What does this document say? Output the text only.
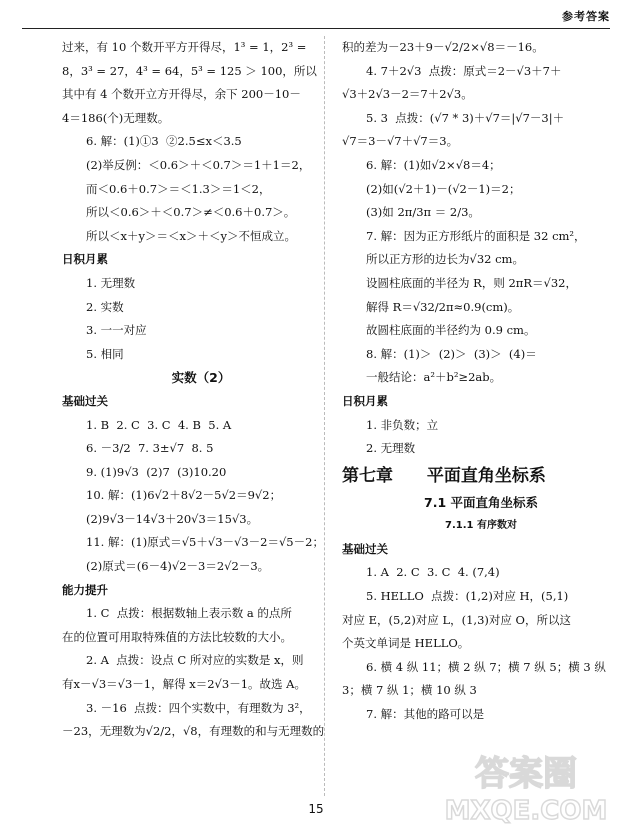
参考答案

过来，有 10 个数开平方开得尽，1³ = 1，2³ =

8，3³ = 27，4³ = 64，5³ = 125 ＞ 100，所以

其中有 4 个数开立方开得尽，余下 200－10－

4＝186(个)无理数。

6. 解：(1)①3  ②2.5≤x＜3.5

(2)举反例：＜0.6＞＋＜0.7＞＝1＋1＝2，

而＜0.6＋0.7＞＝＜1.3＞＝1＜2，

所以＜0.6＞＋＜0.7＞≠＜0.6＋0.7＞。

所以＜x＋y＞＝＜x＞＋＜y＞不恒成立。

日积月累

1. 无理数

2. 实数

3. 一一对应

5. 相同

实数（2）

基础过关

1. B  2. C  3. C  4. B  5. A

6. －3/2  7. 3±√7  8. 5

9. (1)9√3  (2)7  (3)10.20

10. 解：(1)6√2＋8√2－5√2＝9√2；

(2)9√3－14√3＋20√3＝15√3。

11. 解：(1)原式＝√5＋√3－√3－2＝√5－2；

(2)原式＝(6－4)√2－3＝2√2－3。

能力提升

1. C  点拨：根据数轴上表示数 a 的点所

在的位置可用取特殊值的方法比较数的大小。

2. A  点拨：设点 C 所对应的实数是 x，则

有x－√3＝√3－1，解得 x＝2√3－1。故选 A。

3. －16  点拨：四个实数中，有理数为 3²，

－23，无理数为√2/2，√8，有理数的和与无理数的

积的差为－23＋9－√2/2×√8＝－16。

4. 7＋2√3  点拨：原式＝2－√3＋7＋

√3＋2√3－2＝7＋2√3。

5. 3  点拨：(√7 * 3)＋√7＝|√7－3|＋

√7＝3－√7＋√7＝3。

6. 解：(1)如√2×√8＝4；

(2)如(√2＋1)－(√2－1)＝2；

(3)如 2π/3π ＝ 2/3。

7. 解：因为正方形纸片的面积是 32 cm²，

所以正方形的边长为√32 cm。

设圆柱底面的半径为 R，则 2πR＝√32，

解得 R＝√32/2π≈0.9(cm)。

故圆柱底面的半径约为 0.9 cm。

8. 解：(1)＞  (2)＞  (3)＞  (4)＝

一般结论：a²＋b²≥2ab。

日积月累

1. 非负数；立

2. 无理数

第七章 平面直角坐标系

7.1 平面直角坐标系

7.1.1 有序数对

基础过关

1. A  2. C  3. C  4. (7,4)

5. HELLO  点拨：(1,2)对应 H，(5,1)

对应 E，(5,2)对应 L，(1,3)对应 O，所以这

个英文单词是 HELLO。

6. 横 4 纵 11；横 2 纵 7；横 7 纵 5；横 3 纵

3；横 7 纵 1；横 10 纵 3

7. 解：其他的路可以是

15
答案圈
MXQE.COM
